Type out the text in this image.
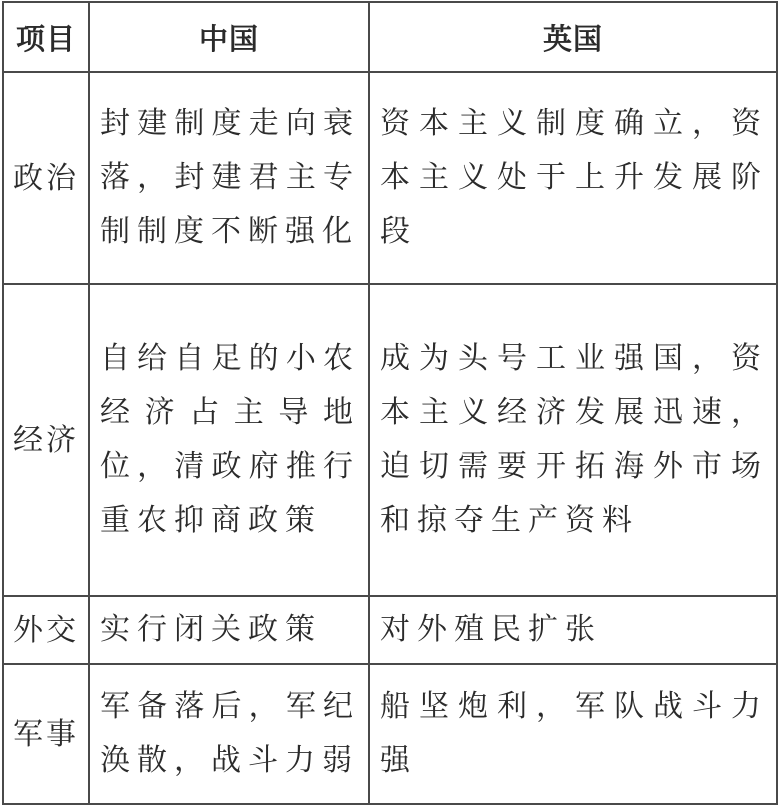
项目	中国	英国
政治	封建制度走向衰落，封建君主专制制度不断强化	资本主义制度确立，资本主义处于上升发展阶段
经济	自给自足的小农经济占主导地位，清政府推行重农抑商政策	成为头号工业强国，资本主义经济发展迅速，迫切需要开拓海外市场和掠夺生产资料
外交	实行闭关政策	对外殖民扩张
军事	军备落后，军纪涣散，战斗力弱	船坚炮利，军队战斗力强
